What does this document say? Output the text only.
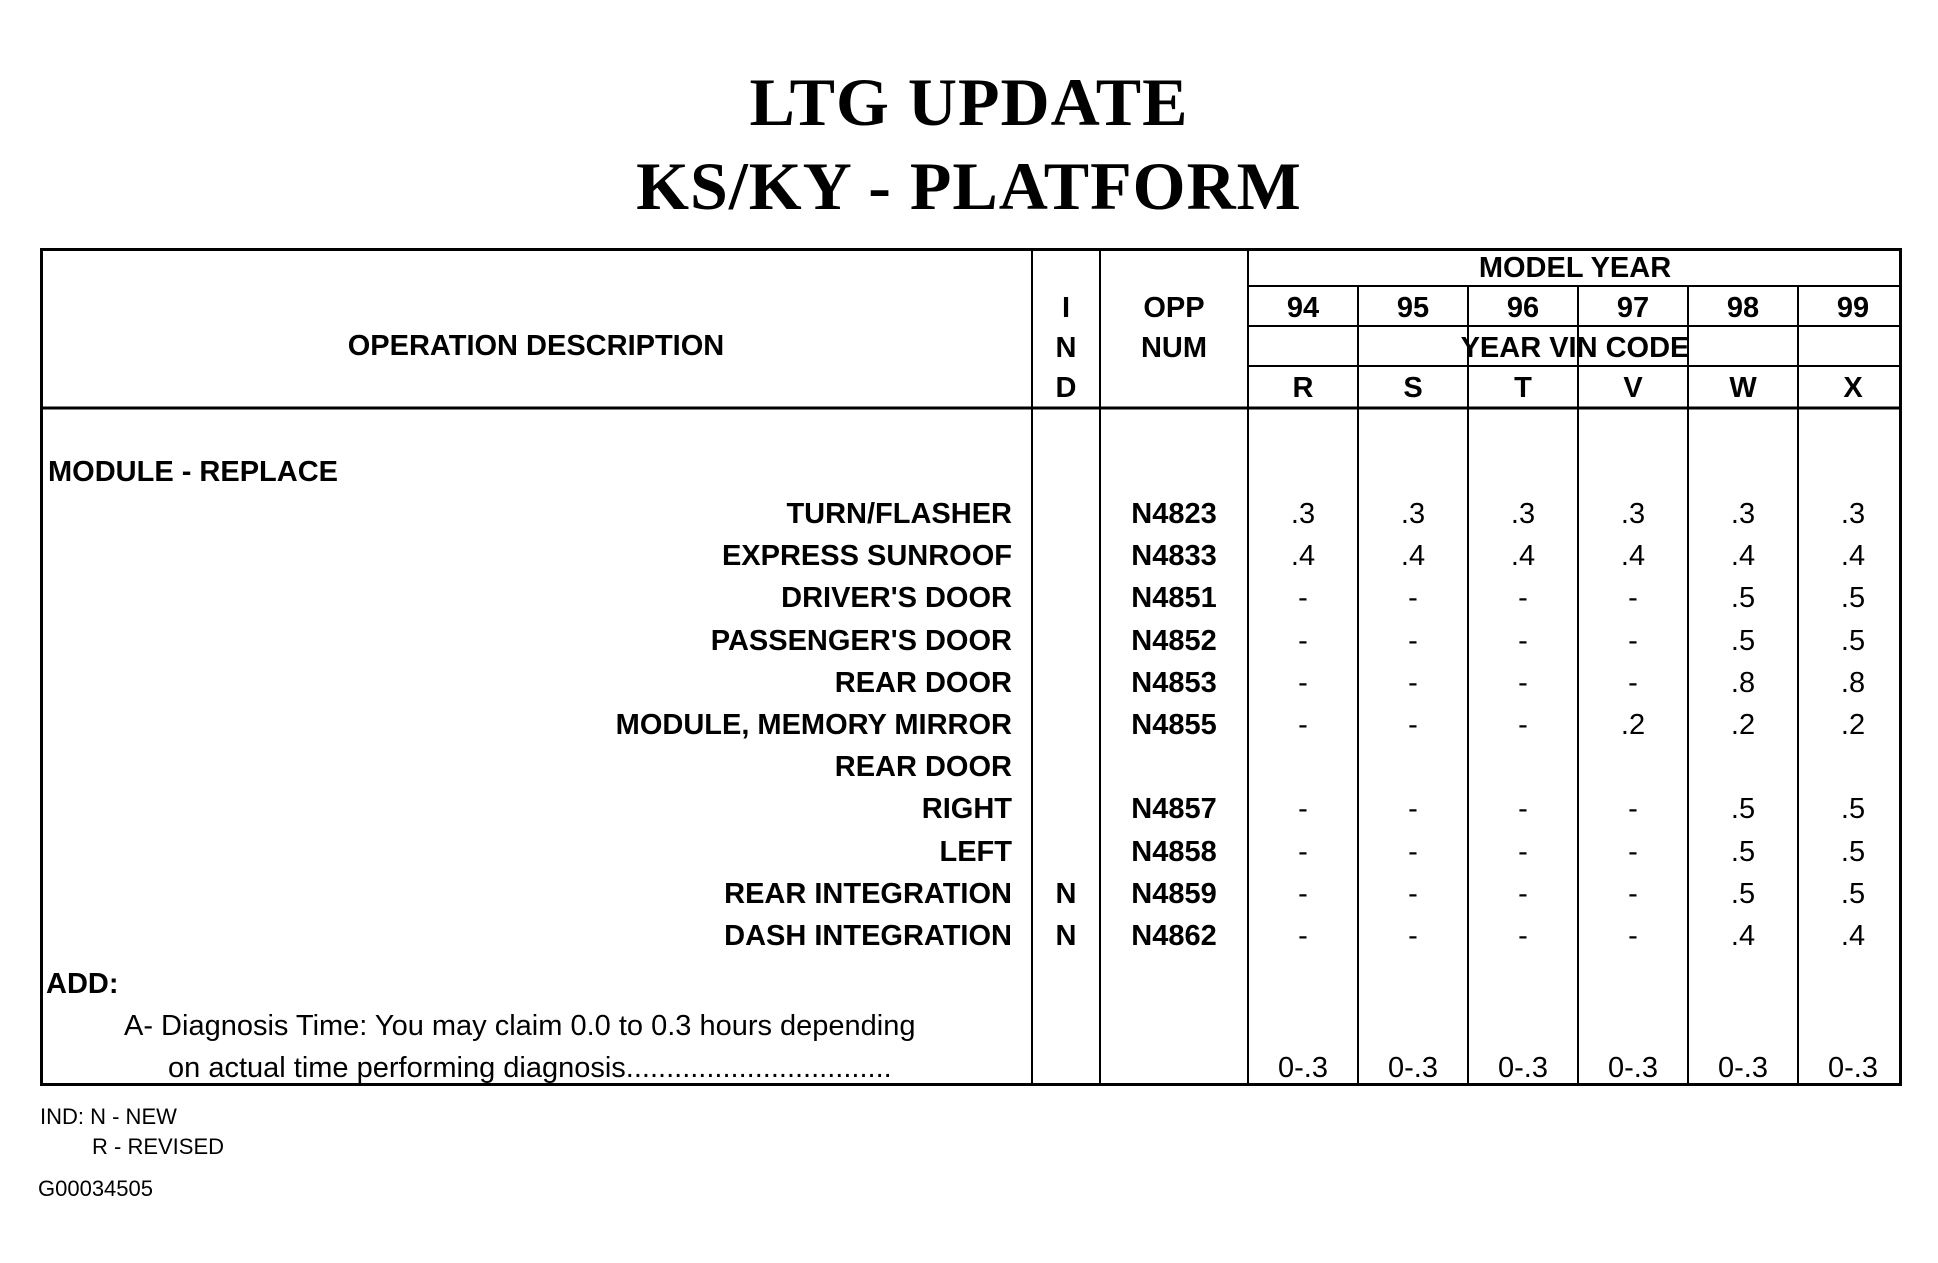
LTG UPDATE
KS/KY - PLATFORM
OPERATION DESCRIPTION
I
N
D
OPP
NUM
MODEL YEAR
YEAR VIN CODE
94	95	96	97	98	99
R	S	T	V	W	X
MODULE - REPLACE
TURN/FLASHER	N4823	.3	.3	.3	.3	.3	.3
EXPRESS SUNROOF	N4833	.4	.4	.4	.4	.4	.4
DRIVER'S DOOR	N4851	-	-	-	-	.5	.5
PASSENGER'S DOOR	N4852	-	-	-	-	.5	.5
REAR DOOR	N4853	-	-	-	-	.8	.8
MODULE, MEMORY MIRROR	N4855	-	-	-	.2	.2	.2
REAR DOOR
RIGHT	N4857	-	-	-	-	.5	.5
LEFT	N4858	-	-	-	-	.5	.5
REAR INTEGRATION	N	N4859	-	-	-	-	.5	.5
DASH INTEGRATION	N	N4862	-	-	-	-	.4	.4
ADD:
A- Diagnosis Time: You may claim 0.0 to 0.3 hours depending
on actual time performing diagnosis.................................	0-.3	0-.3	0-.3	0-.3	0-.3	0-.3
IND: N - NEW
R - REVISED
G00034505
